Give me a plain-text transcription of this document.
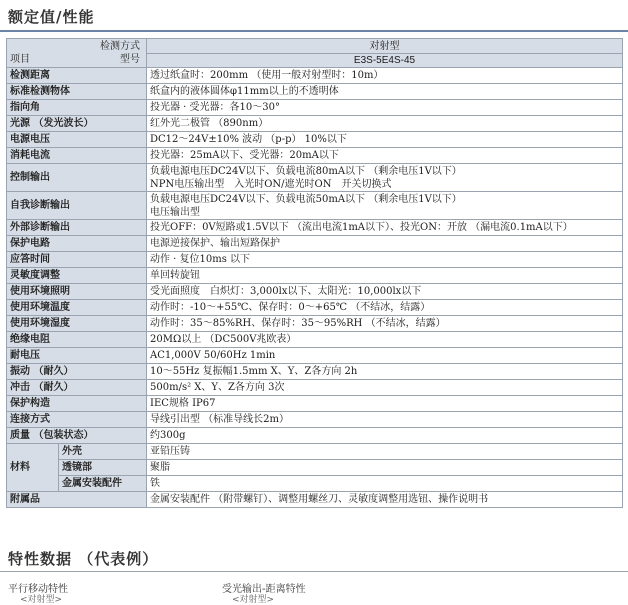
额定值/性能
检测方式
项目 型号		对射型
E3S-5E4S-45

检测距离		透过纸盒时：200mm （使用一般对射型时：10m）
标准检测物体		纸盒内的液体圆体φ11mm以上的不透明体
指向角		投光器 · 受光器：各10～30°
光源 （发光波长）		红外光二极管 （890nm）
电源电压		DC12～24V±10% 波动 （p-p） 10%以下
消耗电流		投光器：25mA以下、受光器：20mA以下
控制输出		负载电源电压DC24V以下、负载电流80mA以下 （剩余电压1V以下）
NPN电压输出型　入光时ON/遮光时ON　开关切换式

自我诊断输出		负载电源电压DC24V以下、负载电流50mA以下 （剩余电压1V以下）
电压输出型

外部诊断输出		投光OFF：0V短路或1.5V以下 （流出电流1mA以下）、投光ON：开放 （漏电流0.1mA以下）
保护电路		电源逆接保护、输出短路保护
应答时间		动作 · 复位10ms 以下
灵敏度调整		单回转旋钮
使用环境照明		受光面照度　白炽灯：3,000lx以下、太阳光：10,000lx以下
使用环境温度		动作时：-10～+55℃、保存时：0～+65℃ （不结冰，结露）
使用环境湿度		动作时：35～85%RH、保存时：35～95%RH （不结冰，结露）
绝缘电阻		20MΩ以上 （DC500V兆欧表）
耐电压		AC1,000V 50/60Hz 1min
振动 （耐久）		10～55Hz 复振幅1.5mm X、Y、Z各方向 2h
冲击 （耐久）		500m/s² X、Y、Z各方向 3次
保护构造		IEC规格 IP67
连接方式		导线引出型 （标准导线长2m）
质量 （包装状态）		约300g
材料	外壳	亚铅压铸
	透镜部	聚脂
	金属安装配件	铁
附属品		金属安装配件 （附带螺钉）、调整用螺丝刀、灵敏度调整用选钮、操作说明书
特性数据 （代表例）
平行移动特性
<对射型>
受光输出-距离特性
<对射型>
